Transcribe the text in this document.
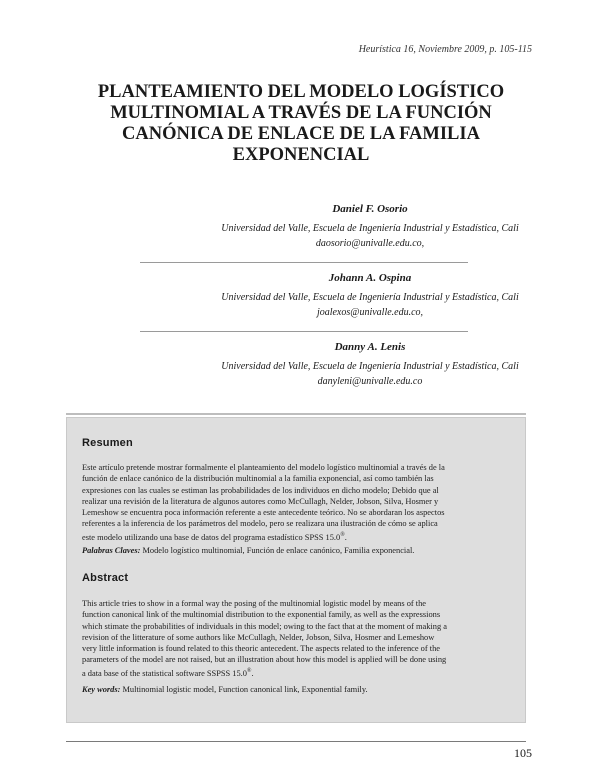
Heurística 16, Noviembre 2009, p. 105-115
PLANTEAMIENTO DEL MODELO LOGÍSTICO
MULTINOMIAL A TRAVÉS DE LA FUNCIÓN
CANÓNICA DE ENLACE DE LA FAMILIA
EXPONENCIAL
Daniel F. Osorio
Universidad del Valle, Escuela de Ingeniería Industrial y Estadística, Cali
daosorio@univalle.edu.co,
Johann A. Ospina
Universidad del Valle, Escuela de Ingeniería Industrial y Estadística, Cali
joalexos@univalle.edu.co,
Danny A. Lenis
Universidad del Valle, Escuela de Ingeniería Industrial y Estadística, Cali
danyleni@univalle.edu.co
Resumen
Este artículo pretende mostrar formalmente el planteamiento del modelo logístico multinomial a través de la
función de enlace canónico de la distribución multinomial a la familia exponencial, así como también las
expresiones con las cuales se estiman las probabilidades de los individuos en dicho modelo; Debido que al
realizar una revisión de la literatura de algunos autores como McCullagh, Nelder, Jobson, Silva, Hosmer y
Lemeshow se encuentra poca información referente a este antecedente teórico. No se abordaran los aspectos
referentes a la inferencia de los parámetros del modelo, pero se realizara una ilustración de cómo se aplica
este modelo utilizando una base de datos del programa estadístico SPSS 15.0®.
Palabras Claves: Modelo logístico multinomial, Función de enlace canónico, Familia exponencial.
Abstract
This article tries to show in a formal way the posing of the multinomial logistic model by means of the
function canonical link of the multinomial distribution to the exponential family, as well as the expressions
which stimate the probabilities of individuals in this model; owing to the fact that at the moment of making a
revision of the litterature of some authors like McCullagh, Nelder, Jobson, Silva, Hosmer and Lemeshow
very little information is found related to this theoric antecedent. The aspects related to the inference of the
parameters of the model are not raised, but an illustration about how this model is applied will be done using
a data base of the statistical software SSPSS 15.0®.
Key words: Multinomial logistic model, Function canonical link, Exponential family.
105
